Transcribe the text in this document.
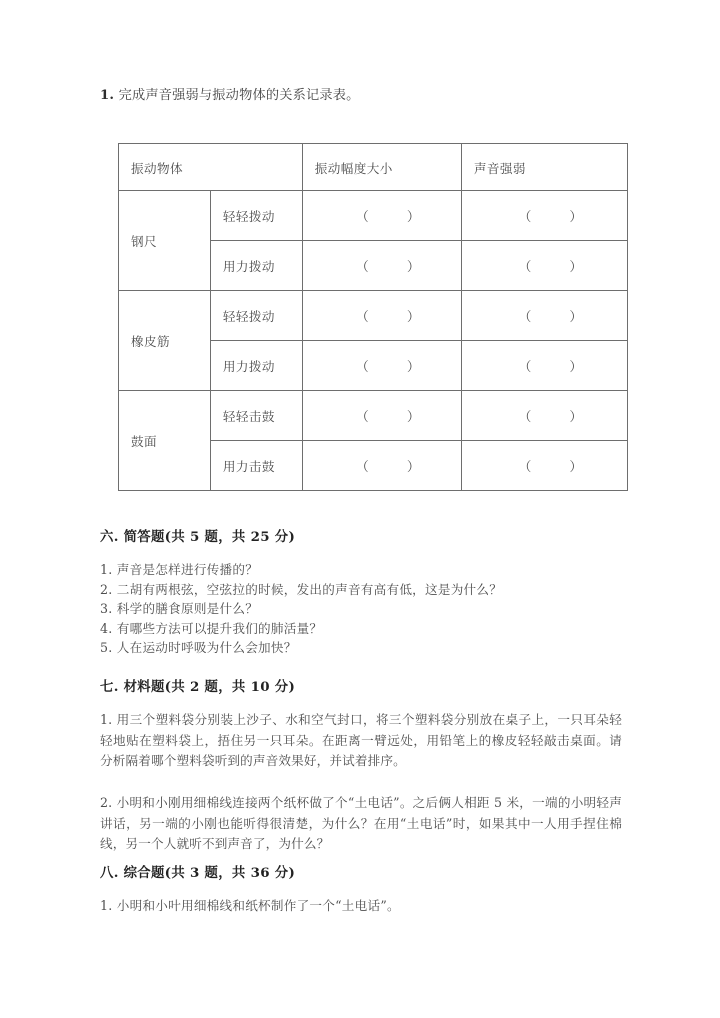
1. 完成声音强弱与振动物体的关系记录表。
振动物体		振动幅度大小	声音强弱
钢尺	轻轻拨动	（ ）	（ ）
	用力拨动	（ ）	（ ）
橡皮筋	轻轻拨动	（ ）	（ ）
	用力拨动	（ ）	（ ）
鼓面	轻轻击鼓	（ ）	（ ）
	用力击鼓	（ ）	（ ）
六. 简答题(共 5 题，共 25 分)
1. 声音是怎样进行传播的？
2. 二胡有两根弦，空弦拉的时候，发出的声音有高有低，这是为什么？
3. 科学的膳食原则是什么？
4. 有哪些方法可以提升我们的肺活量？
5. 人在运动时呼吸为什么会加快？
七. 材料题(共 2 题，共 10 分)

1. 用三个塑料袋分别装上沙子、水和空气封口，将三个塑料袋分别放在桌子上，一只耳朵轻轻地贴在塑料袋上，捂住另一只耳朵。在距离一臂远处，用铅笔上的橡皮轻轻敲击桌面。请分析隔着哪个塑料袋听到的声音效果好，并试着排序。

2. 小明和小刚用细棉线连接两个纸杯做了个“土电话”。之后俩人相距 5 米，一端的小明轻声讲话，另一端的小刚也能听得很清楚，为什么？在用“土电话”时，如果其中一人用手捏住棉线，另一个人就听不到声音了，为什么？

八. 综合题(共 3 题，共 36 分)
1. 小明和小叶用细棉线和纸杯制作了一个“土电话”。
